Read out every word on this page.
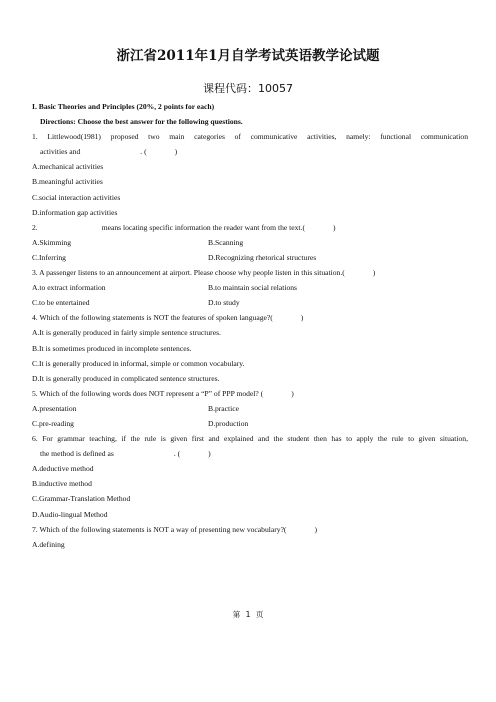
浙江省2011年1月自学考试英语教学论试题
课程代码：10057
I. Basic Theories and Principles (20%, 2 points for each)
Directions: Choose the best answer for the following questions.
1. Littlewood(1981) proposed two main categories of communicative activities, namely: functional communication
activities and	. (	)
A.mechanical activities
B.meaningful activities
C.social interaction activities
D.information gap activities
2.	means locating specific information the reader want from the text.(	)
A.Skimming	B.Scanning
C.Inferring	D.Recognizing rhetorical structures
3. A passenger listens to an announcement at airport. Please choose why people listen in this situation.(	)
A.to extract information	B.to maintain social relations
C.to be entertained	D.to study
4. Which of the following statements is NOT the features of spoken language?(	)
A.It is generally produced in fairly simple sentence structures.
B.It is sometimes produced in incomplete sentences.
C.It is generally produced in informal, simple or common vocabulary.
D.It is generally produced in complicated sentence structures.
5. Which of the following words does NOT represent a “P” of PPP model? (	)
A.presentation	B.practice
C.pre-reading	D.production
6. For grammar teaching, if the rule is given first and explained and the student then has to apply the rule to given situation,
the method is defined as	. (	)
A.deductive method
B.inductive method
C.Grammar-Translation Method
D.Audio-lingual Method
7. Which of the following statements is NOT a way of presenting new vocabulary?(	)
A.defining
第 1 页
